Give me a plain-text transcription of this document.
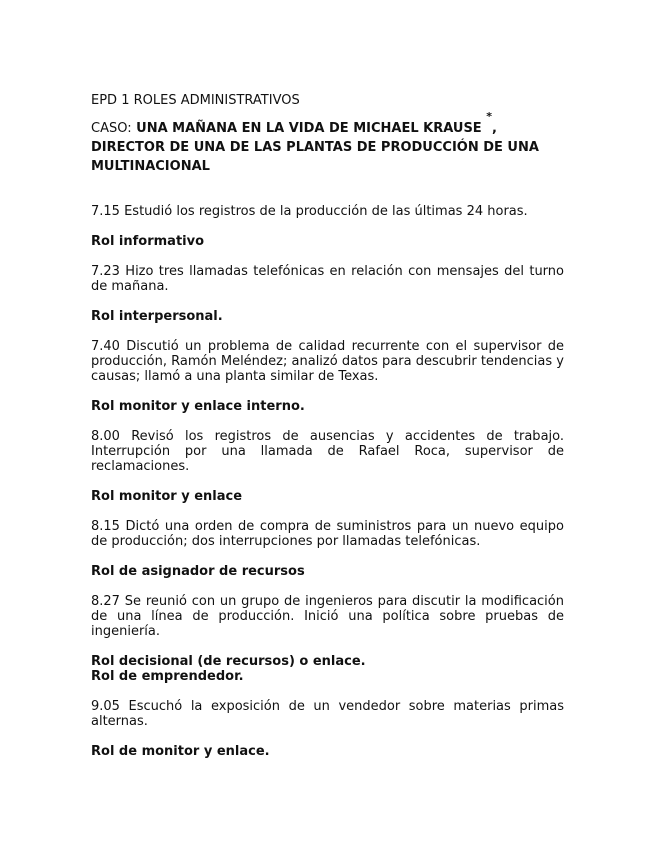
EPD 1 ROLES ADMINISTRATIVOS
CASO: UNA MAÑANA EN LA VIDA DE MICHAEL KRAUSE *,
DIRECTOR DE UNA DE LAS PLANTAS DE PRODUCCIÓN DE UNA
MULTINACIONAL
7.15 Estudió los registros de la producción de las últimas 24 horas.
Rol informativo
7.23 Hizo tres llamadas telefónicas en relación con mensajes del turno de mañana.
Rol interpersonal.
7.40 Discutió un problema de calidad recurrente con el supervisor de producción, Ramón Meléndez; analizó datos para descubrir tendencias y causas; llamó a una planta similar de Texas.
Rol monitor y enlace interno.
8.00 Revisó los registros de ausencias y accidentes de trabajo. Interrupción por una llamada de Rafael Roca, supervisor de reclamaciones.
Rol monitor y enlace
8.15 Dictó una orden de compra de suministros para un nuevo equipo de producción; dos interrupciones por llamadas telefónicas.
Rol de asignador de recursos
8.27 Se reunió con un grupo de ingenieros para discutir la modificación de una línea de producción. Inició una política sobre pruebas de ingeniería.
Rol decisional (de recursos) o enlace.
Rol de emprendedor.
9.05 Escuchó la exposición de un vendedor sobre materias primas alternas.
Rol de monitor y enlace.
